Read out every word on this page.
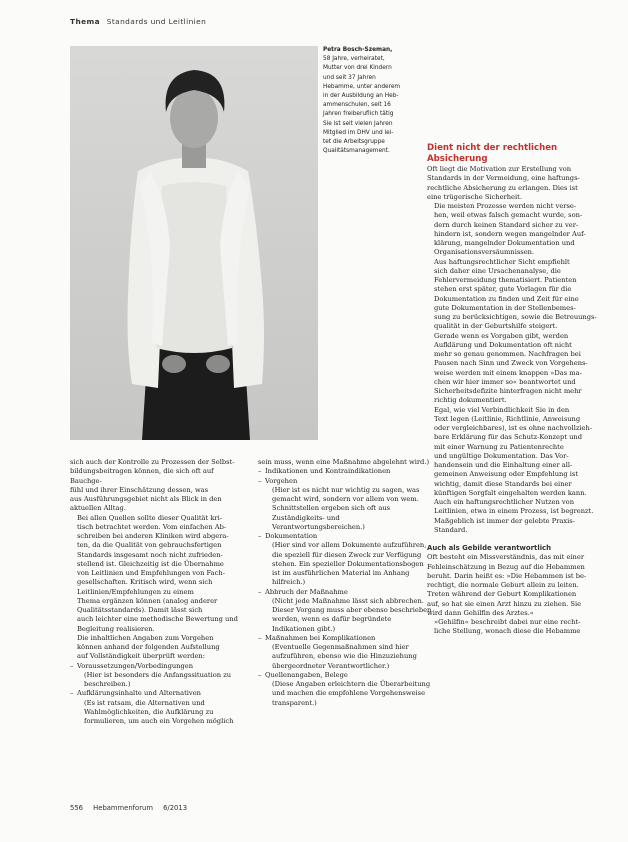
Thema Standards und Leitlinien
Petra Bosch-Szeman,
58 Jahre, verheiratet,
Mutter von drei Kindern
und seit 37 Jahren
Hebamme, unter anderem
in der Ausbildung an Heb-
ammenschulen, seit 16
Jahren freiberuflich tätig
Sie ist seit vielen Jahren
Mitglied im DHV und lei-
tet die Arbeitsgruppe
Qualitätsmanagement.
sich auch der Kontrolle zu Prozessen der Selbst-
bildungsbeitragen können, die sich oft auf Bauchge-
fühl und ihrer Einschätzung dessen, was
aus Ausführungsgebiet nicht als Blick in den
aktuellen Alltag.
Bei allen Quellen sollte dieser Qualität kri-
tisch betrachtet werden. Vom einfachen Ab-
schreiben bei anderen Kliniken wird abgera-
ten, da die Qualität von gebrauchsfertigen
Standards insgesamt noch nicht zufrieden-
stellend ist. Gleichzeitig ist die Übernahme
von Leitlinien und Empfehlungen von Fach-
gesellschaften. Kritisch wird, wenn sich
Leitlinien/Empfehlungen zu einem
Thema ergänzen können (analog anderer
Qualitätsstandards). Damit lässt sich
auch leichter eine methodische Bewertung und
Begleitung realisieren.
Die inhaltlichen Angaben zum Vorgehen
können anhand der folgenden Aufstellung
auf Vollständigkeit überprüft werden:
– Voraussetzungen/Vorbedingungen

(Hier ist besonders die Anfangssituation zu beschreiben.)

– Aufklärungsinhalte und Alternativen

(Es ist ratsam, die Alternativen und Wahlmöglichkeiten, die Aufklärung zu formulieren, um auch ein Vorgehen möglich

sein muss, wenn eine Maßnahme abgelehnt wird.)
– Indikationen und Kontraindikationen
– Vorgehen

(Hier ist es nicht nur wichtig zu sagen, was gemacht wird, sondern vor allem von wem. Schnittstellen ergeben sich oft aus Zuständigkeits- und Verantwortungsbereichen.)

– Dokumentation

(Hier sind vor allem Dokumente aufzuführen, die speziell für diesen Zweck zur Verfügung stehen. Ein spezieller Dokumentationsbogen ist im ausführlichen Material im Anhang hilfreich.)

– Abbruch der Maßnahme

(Nicht jede Maßnahme lässt sich abbrechen. Dieser Vorgang muss aber ebenso beschrieben werden, wenn es dafür begründete Indikationen gibt.)

– Maßnahmen bei Komplikationen

(Eventuelle Gegenmaßnahmen sind hier aufzuführen, ebenso wie die Hinzuziehung übergeordneter Verantwortlicher.)

– Quellenangaben, Belege

(Diese Angaben erleichtern die Überarbeitung und machen die empfohlene Vorgehensweise transparent.)

Dient nicht der rechtlichen Absicherung
Oft liegt die Motivation zur Erstellung von
Standards in der Vermeidung, eine haftungs-
rechtliche Absicherung zu erlangen. Dies ist
eine trügerische Sicherheit.
Die meisten Prozesse werden nicht verse-
hen, weil etwas falsch gemacht wurde, son-
dern durch keinen Standard sicher zu ver-
hindern ist, sondern wegen mangelnder Auf-
klärung, mangelnder Dokumentation und
Organisationsversäumnissen.
Aus haftungsrechtlicher Sicht empfiehlt
sich daher eine Ursachenanalyse, die
Fehlervermeidung thematisiert. Patienten
stehen erst später, gute Vorlagen für die
Dokumentation zu finden und Zeit für eine
gute Dokumentation in der Stellenbemes-
sung zu berücksichtigen, sowie die Betreuungs-
qualität in der Geburtshilfe steigert.
Gerade wenn es Vorgaben gibt, werden
Aufklärung und Dokumentation oft nicht
mehr so genau genommen. Nachfragen bei
Pausen nach Sinn und Zweck von Vorgehens-
weise werden mit einem knappen »Das ma-
chen wir hier immer so« beantwortet und
Sicherheitsdefizite hinterfragen nicht mehr
richtig dokumentiert.
Egal, wie viel Verbindlichkeit Sie in den
Text legen (Leitlinie, Richtlinie, Anweisung
oder vergleichbares), ist es ohne nachvollzieh-
bare Erklärung für das Schutz-Konzept und
mit einer Warnung zu Patientenrechte
und ungültige Dokumentation. Das Vor-
handensein und die Einhaltung einer all-
gemeinen Anweisung oder Empfehlung ist
wichtig, damit diese Standards bei einer
künftigen Sorgfalt eingehalten werden kann.
Auch ein haftungsrechtlicher Nutzen von
Leitlinien, etwa in einem Prozess, ist begrenzt.
Maßgeblich ist immer der gelebte Praxis-
Standard.
Auch als Gebilde verantwortlich
Oft besteht ein Missverständnis, das mit einer
Fehleinschätzung in Bezug auf die Hebammen
beruht. Darin heißt es: »Die Hebammen ist be-
rechtigt, die normale Geburt allein zu leiten.
Treten während der Geburt Komplikationen
auf, so hat sie einen Arzt hinzu zu ziehen. Sie
wird dann Gehilfin des Arztes.«
»Gehilfin« beschreibt dabei nur eine recht-
liche Stellung, wonach diese die Hebamme
556 Hebammenforum 6/2013
